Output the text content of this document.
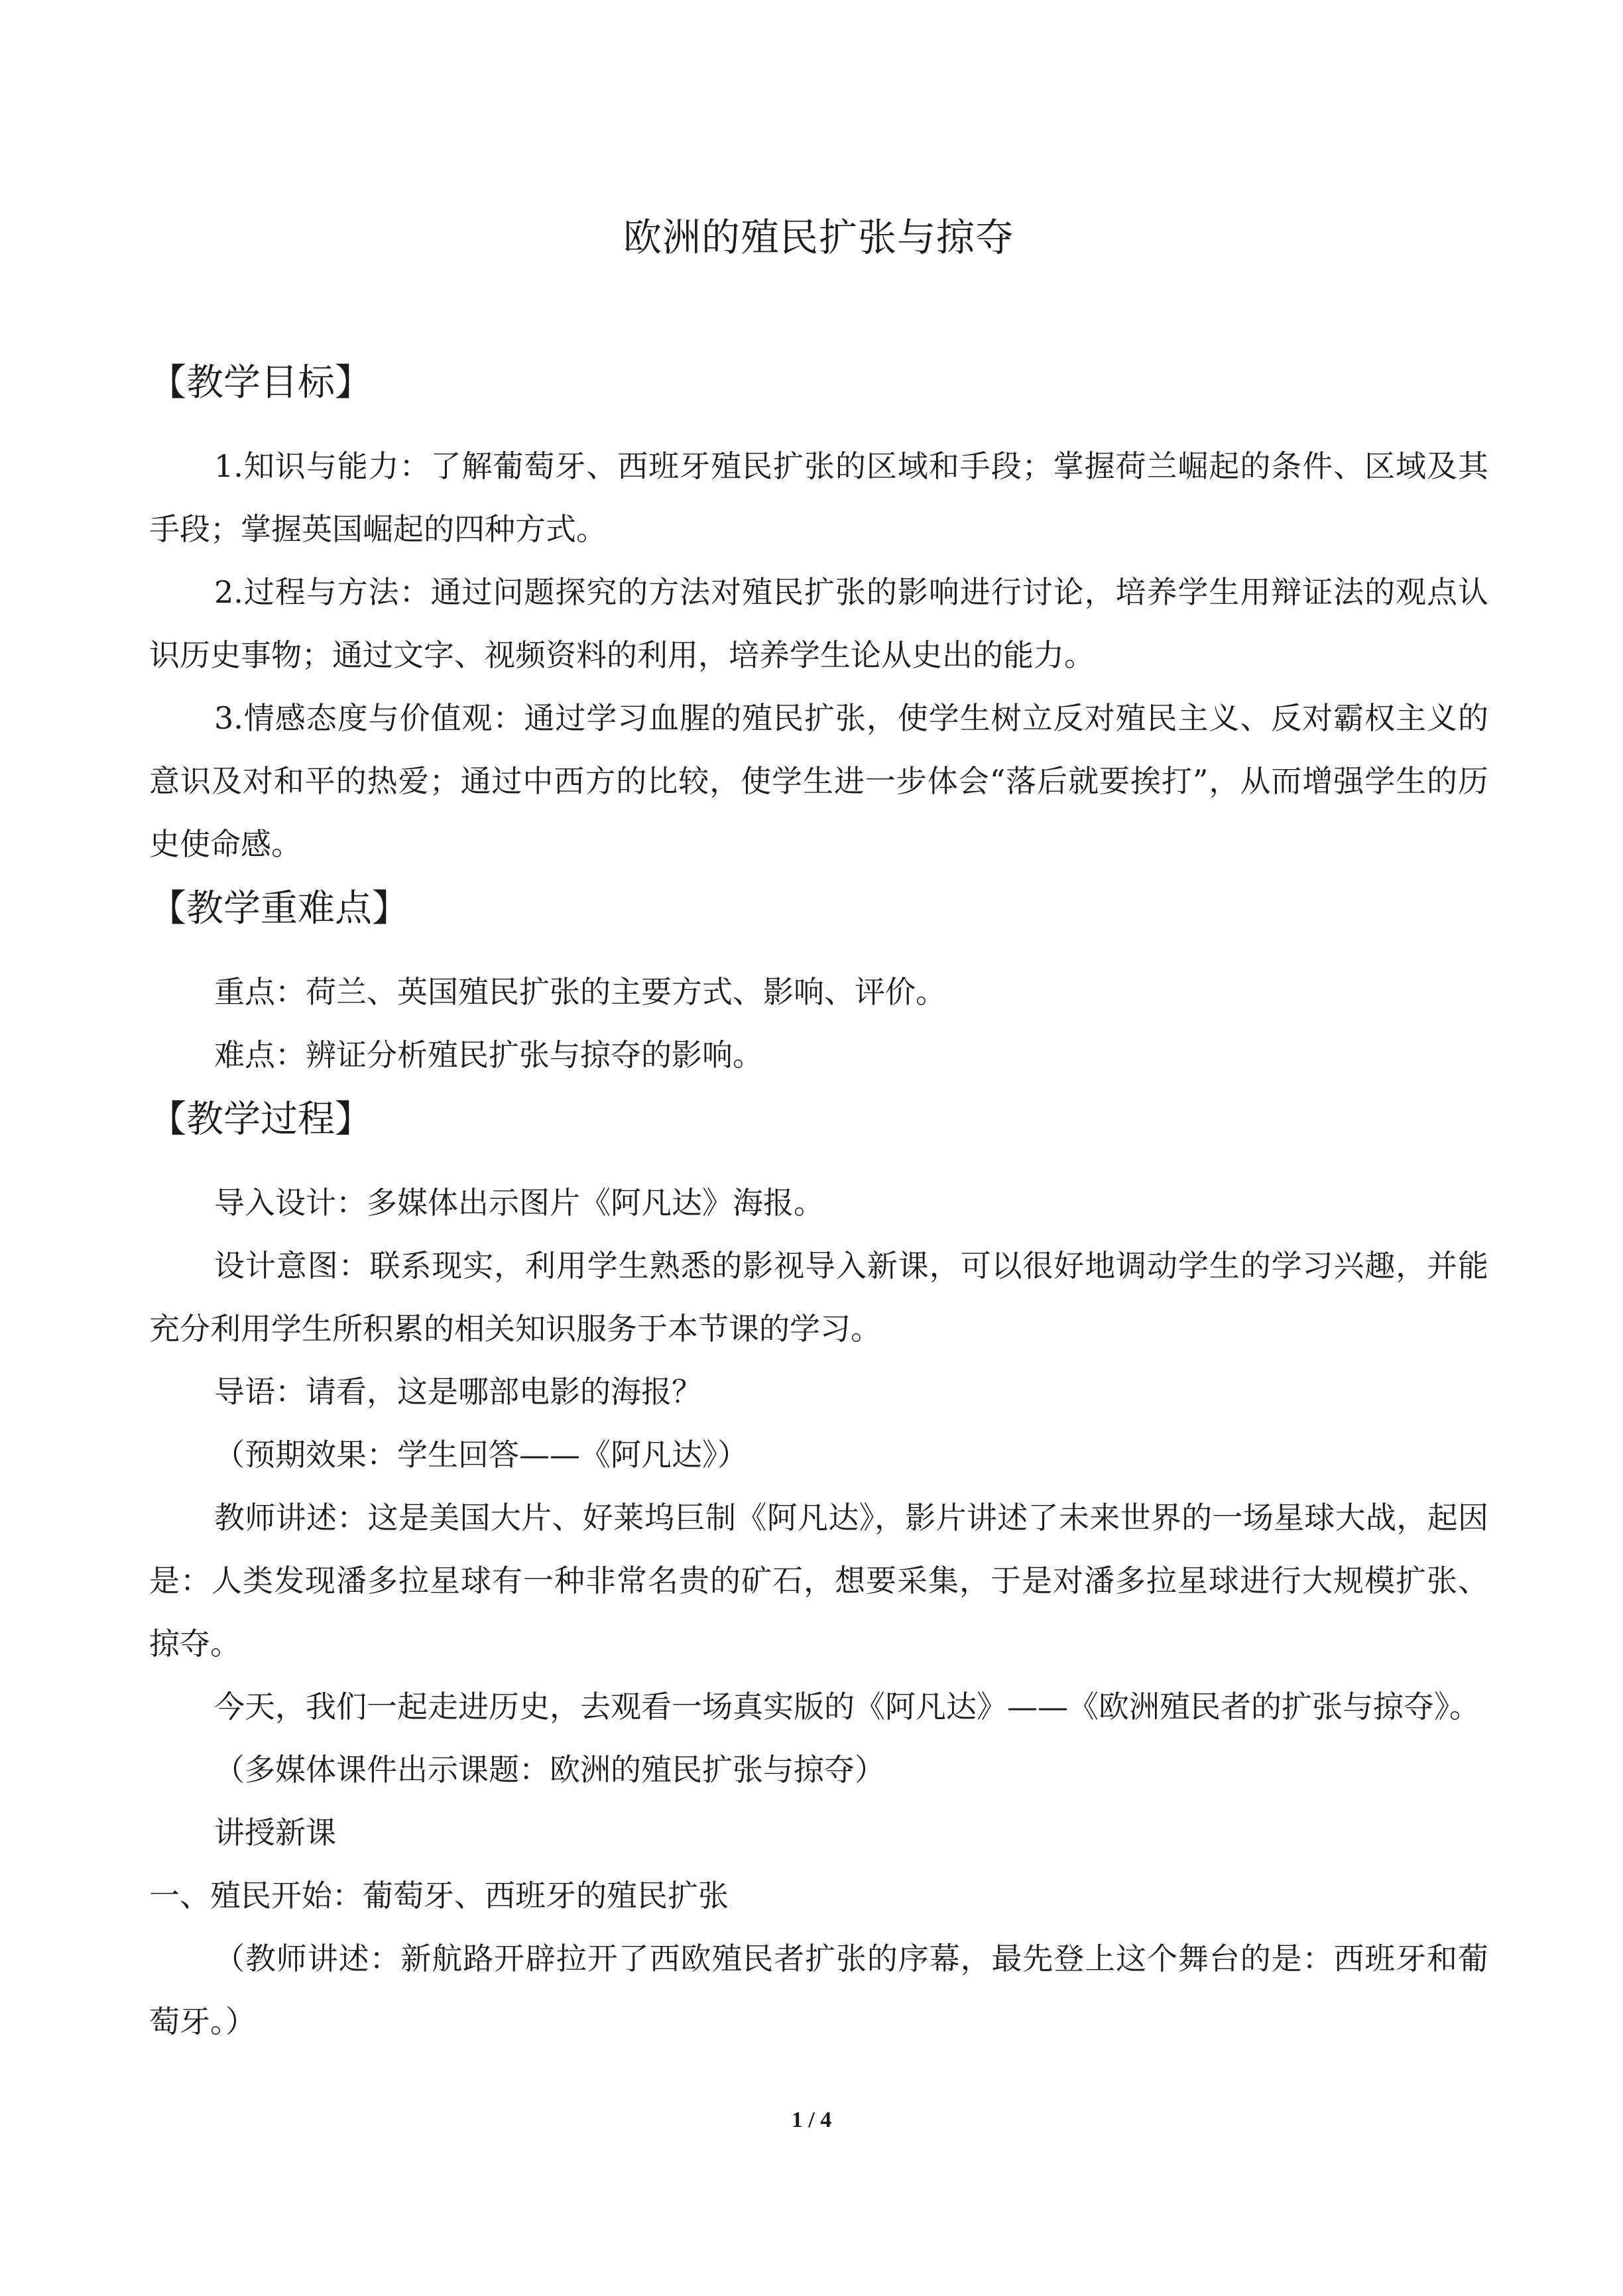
欧洲的殖民扩张与掠夺
【教学目标】

1.知识与能力：了解葡萄牙、西班牙殖民扩张的区域和手段；掌握荷兰崛起的条件、区域及其手段；掌握英国崛起的四种方式。

2.过程与方法：通过问题探究的方法对殖民扩张的影响进行讨论，培养学生用辩证法的观点认识历史事物；通过文字、视频资料的利用，培养学生论从史出的能力。

3.情感态度与价值观：通过学习血腥的殖民扩张，使学生树立反对殖民主义、反对霸权主义的意识及对和平的热爱；通过中西方的比较，使学生进一步体会“落后就要挨打”，从而增强学生的历史使命感。

【教学重难点】

重点：荷兰、英国殖民扩张的主要方式、影响、评价。

难点：辨证分析殖民扩张与掠夺的影响。

【教学过程】

导入设计：多媒体出示图片《阿凡达》海报。

设计意图：联系现实，利用学生熟悉的影视导入新课，可以很好地调动学生的学习兴趣，并能充分利用学生所积累的相关知识服务于本节课的学习。

导语：请看，这是哪部电影的海报？

（预期效果：学生回答——《阿凡达》）

教师讲述：这是美国大片、好莱坞巨制《阿凡达》，影片讲述了未来世界的一场星球大战，起因是：人类发现潘多拉星球有一种非常名贵的矿石，想要采集，于是对潘多拉星球进行大规模扩张、掠夺。

今天，我们一起走进历史，去观看一场真实版的《阿凡达》——《欧洲殖民者的扩张与掠夺》。

（多媒体课件出示课题：欧洲的殖民扩张与掠夺）

讲授新课

一、殖民开始：葡萄牙、西班牙的殖民扩张

（教师讲述：新航路开辟拉开了西欧殖民者扩张的序幕，最先登上这个舞台的是：西班牙和葡萄牙。）

1 / 4
